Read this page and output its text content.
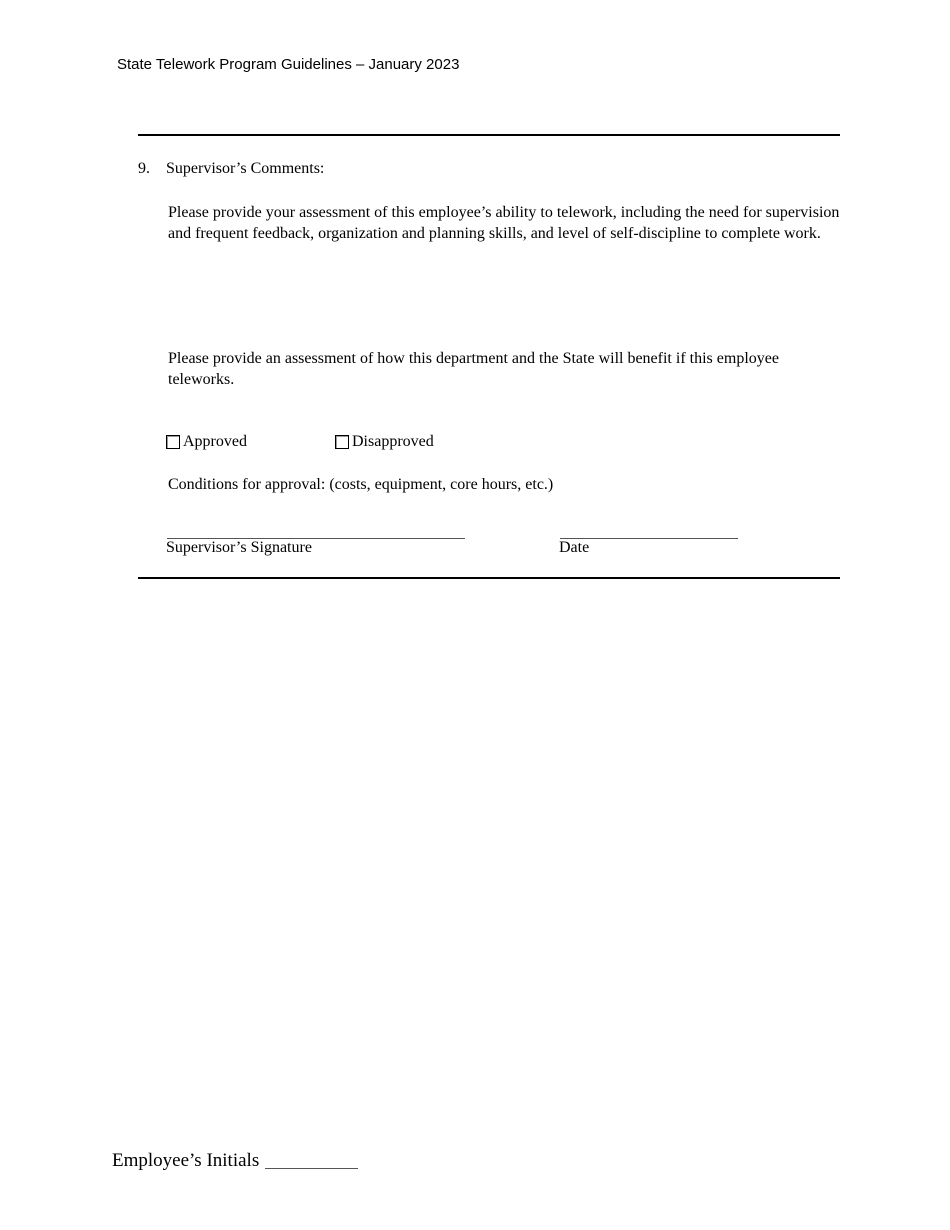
State Telework Program Guidelines – January 2023
9. Supervisor’s Comments:
Please provide your assessment of this employee’s ability to telework, including the need for supervision and frequent feedback, organization and planning skills, and level of self-discipline to complete work.
Please provide an assessment of how this department and the State will benefit if this employee teleworks.
Approved	Disapproved
Conditions for approval: (costs, equipment, core hours, etc.)
Supervisor’s Signature	Date
Employee’s Initials
